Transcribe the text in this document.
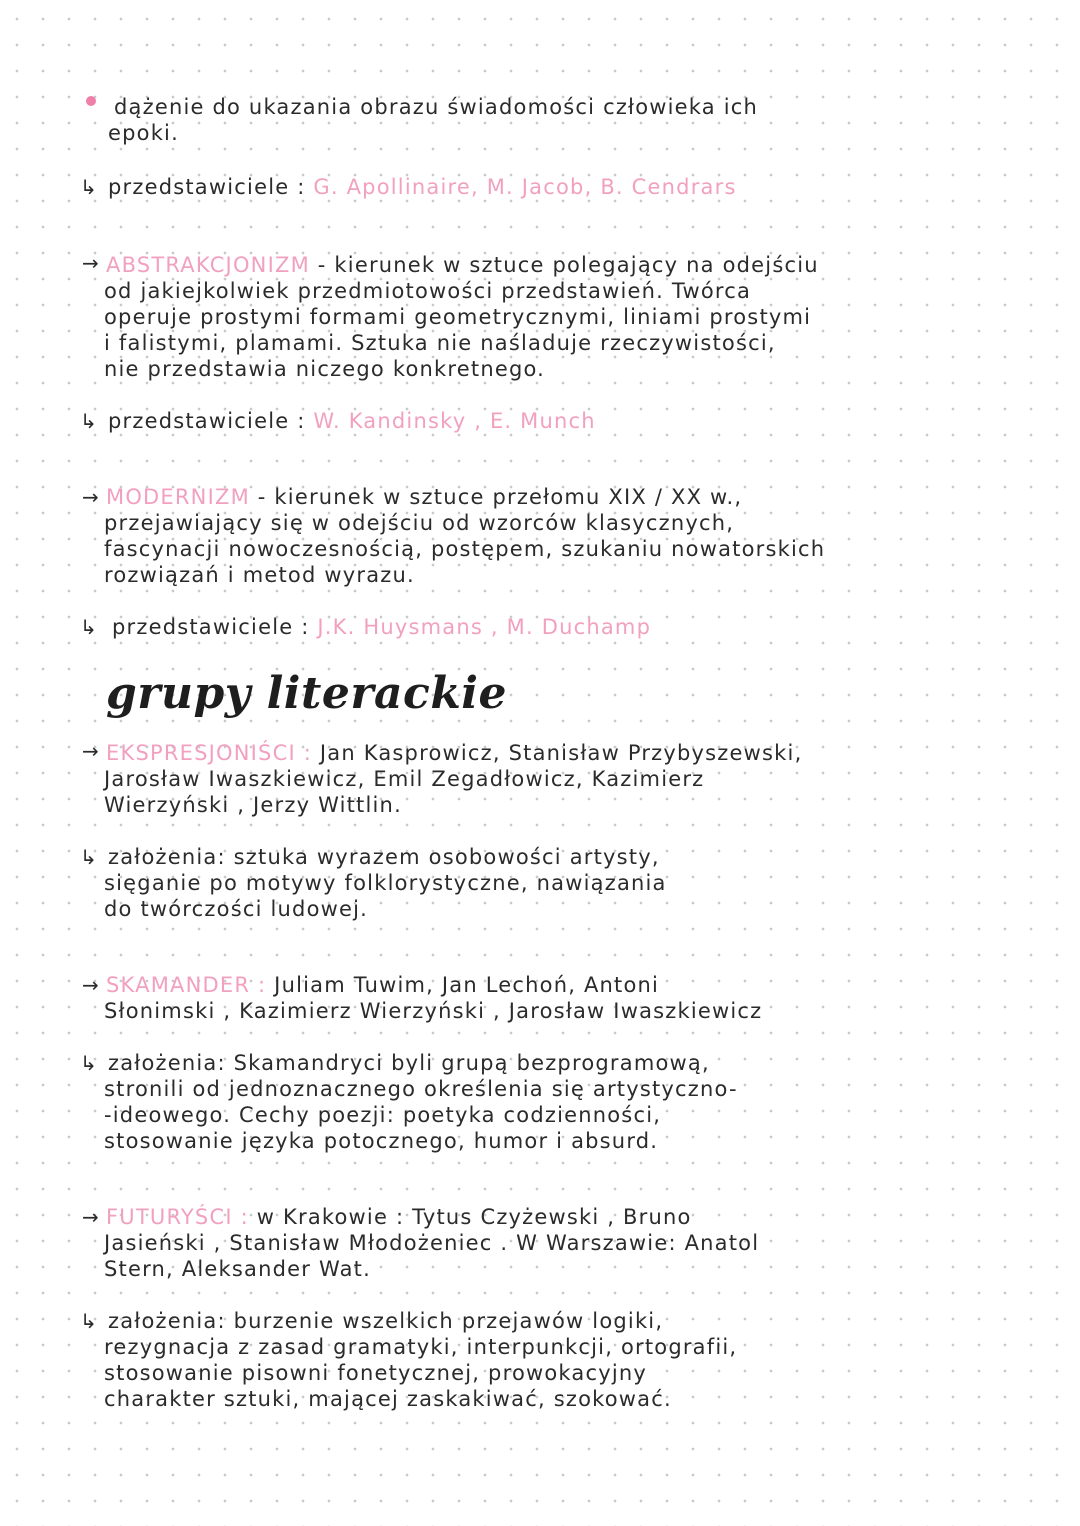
dążenie do ukazania obrazu świadomości człowieka ich
epoki.
↳ przedstawiciele : G. Apollinaire, M. Jacob, B. Cendrars
→ ABSTRAKCJONIZM - kierunek w sztuce polegający na odejściu
od jakiejkolwiek przedmiotowości przedstawień. Twórca
operuje prostymi formami geometrycznymi, liniami prostymi
i falistymi, plamami. Sztuka nie naśladuje rzeczywistości,
nie przedstawia niczego konkretnego.
↳ przedstawiciele : W. Kandinsky , E. Munch
→ MODERNIZM - kierunek w sztuce przełomu XIX / XX w.,
przejawiający się w odejściu od wzorców klasycznych,
fascynacji nowoczesnością, postępem, szukaniu nowatorskich
rozwiązań i metod wyrazu.
↳ przedstawiciele : J.K. Huysmans , M. Duchamp
grupy literackie
→ EKSPRESJONIŚCI : Jan Kasprowicz, Stanisław Przybyszewski,
Jarosław Iwaszkiewicz, Emil Zegadłowicz, Kazimierz
Wierzyński , Jerzy Wittlin.
↳ założenia: sztuka wyrazem osobowości artysty,
sięganie po motywy folklorystyczne, nawiązania
do twórczości ludowej.
→ SKAMANDER : Juliam Tuwim, Jan Lechoń, Antoni
Słonimski , Kazimierz Wierzyński , Jarosław Iwaszkiewicz
↳ założenia: Skamandryci byli grupą bezprogramową,
stronili od jednoznacznego określenia się artystyczno-
-ideowego. Cechy poezji: poetyka codzienności,
stosowanie języka potocznego, humor i absurd.
→ FUTURYŚCI : w Krakowie : Tytus Czyżewski , Bruno
Jasieński , Stanisław Młodożeniec . W Warszawie: Anatol
Stern, Aleksander Wat.
↳ założenia: burzenie wszelkich przejawów logiki,
rezygnacja z zasad gramatyki, interpunkcji, ortografii,
stosowanie pisowni fonetycznej, prowokacyjny
charakter sztuki, mającej zaskakiwać, szokować.
